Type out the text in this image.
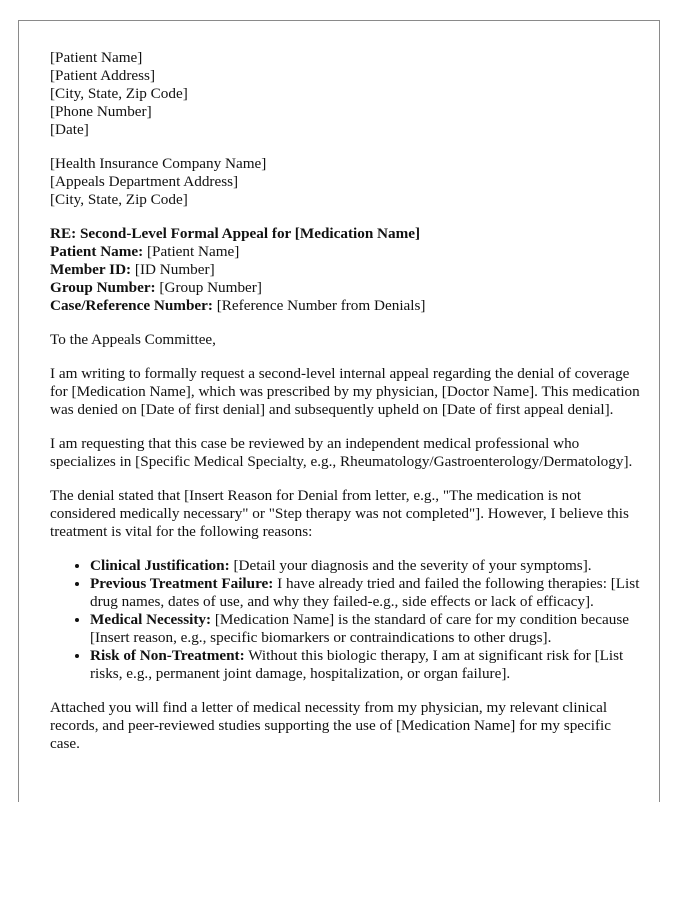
[Patient Name]
[Patient Address]
[City, State, Zip Code]
[Phone Number]
[Date]
[Health Insurance Company Name]
[Appeals Department Address]
[City, State, Zip Code]
RE: Second-Level Formal Appeal for [Medication Name]
Patient Name: [Patient Name]
Member ID: [ID Number]
Group Number: [Group Number]
Case/Reference Number: [Reference Number from Denials]

To the Appeals Committee,

I am writing to formally request a second-level internal appeal regarding the denial of coverage for [Medication Name], which was prescribed by my physician, [Doctor Name]. This medication was denied on [Date of first denial] and subsequently upheld on [Date of first appeal denial].

I am requesting that this case be reviewed by an independent medical professional who specializes in [Specific Medical Specialty, e.g., Rheumatology/Gastroenterology/Dermatology].

The denial stated that [Insert Reason for Denial from letter, e.g., "The medication is not considered medically necessary" or "Step therapy was not completed"]. However, I believe this treatment is vital for the following reasons:

• Clinical Justification: [Detail your diagnosis and the severity of your symptoms].
• Previous Treatment Failure: I have already tried and failed the following therapies: [List drug names, dates of use, and why they failed-e.g., side effects or lack of efficacy].
• Medical Necessity: [Medication Name] is the standard of care for my condition because [Insert reason, e.g., specific biomarkers or contraindications to other drugs].
• Risk of Non-Treatment: Without this biologic therapy, I am at significant risk for [List risks, e.g., permanent joint damage, hospitalization, or organ failure].

Attached you will find a letter of medical necessity from my physician, my relevant clinical records, and peer-reviewed studies supporting the use of [Medication Name] for my specific case.
